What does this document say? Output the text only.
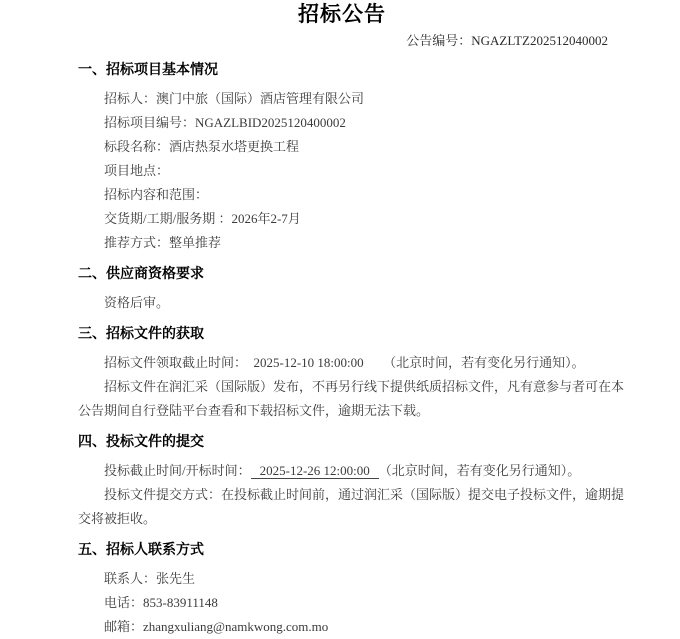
招标公告
公告编号：NGAZLTZ202512040002
一、招标项目基本情况

招标人：澳门中旅（国际）酒店管理有限公司

招标项目编号：NGAZLBID2025120400002

标段名称：酒店热泵水塔更换工程

项目地点：

招标内容和范围：

交货期/工期/服务期 ：2026年2-7月

推荐方式：整单推荐

二、供应商资格要求

资格后审。

三、招标文件的获取

招标文件领取截止时间：　2025-12-10 18:00:00　　（北京时间，若有变化另行通知）。

招标文件在润汇采（国际版）发布，不再另行线下提供纸质招标文件，凡有意参与者可在本公告期间自行登陆平台查看和下载招标文件，逾期无法下载。

四、投标文件的提交

投标截止时间/开标时间： 2025-12-26 12:00:00 （北京时间，若有变化另行通知）。

投标文件提交方式：在投标截止时间前，通过润汇采（国际版）提交电子投标文件，逾期提交将被拒收。

五、招标人联系方式

联系人：张先生

电话：853-83911148

邮箱：zhangxuliang@namkwong.com.mo
